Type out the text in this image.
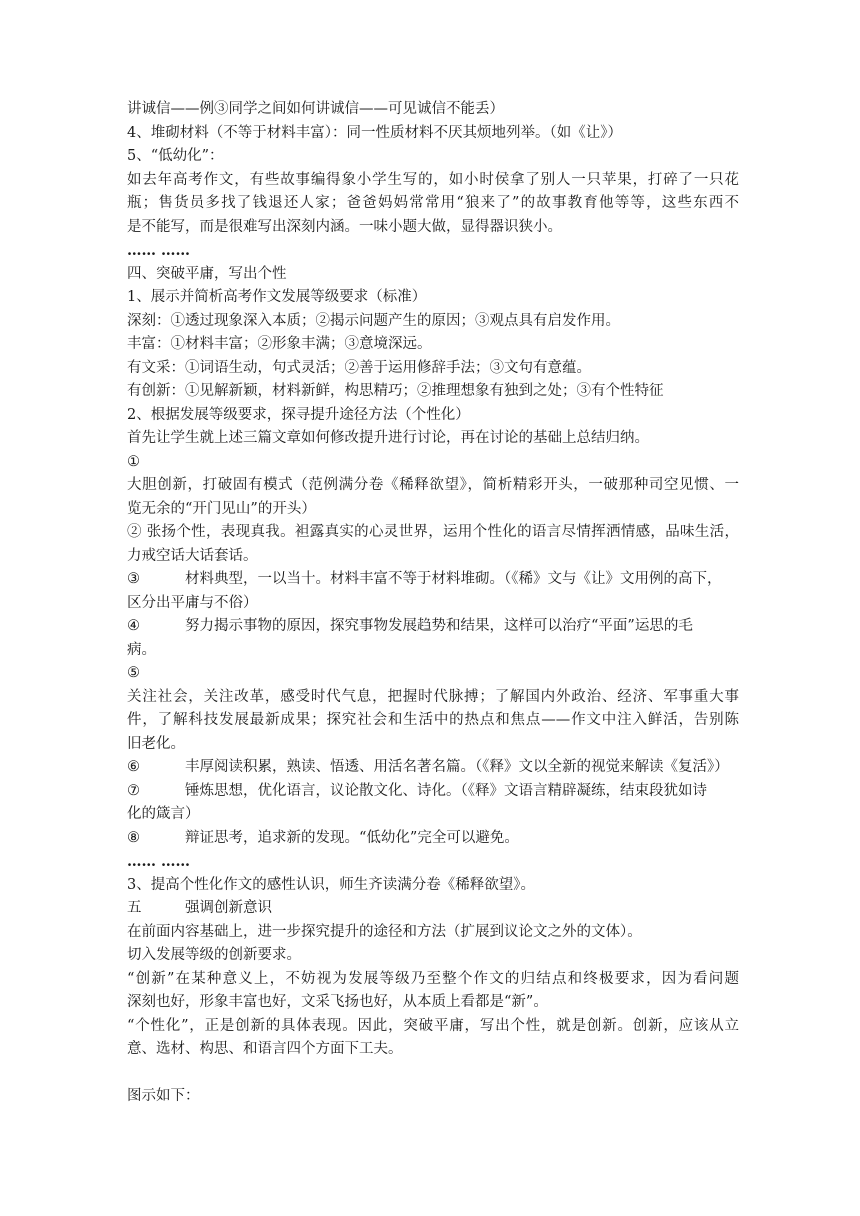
讲诚信——例③同学之间如何讲诚信——可见诚信不能丢）
4、堆砌材料（不等于材料丰富）：同一性质材料不厌其烦地列举。（如《让》）
5、“低幼化”：
如去年高考作文，有些故事编得象小学生写的，如小时侯拿了别人一只苹果，打碎了一只花
瓶；售货员多找了钱退还人家；爸爸妈妈常常用“狼来了”的故事教育他等等，这些东西不
是不能写，而是很难写出深刻内涵。一味小题大做，显得器识狭小。
…… ……
四、突破平庸，写出个性
1、展示并简析高考作文发展等级要求（标准）
深刻：①透过现象深入本质；②揭示问题产生的原因；③观点具有启发作用。
丰富：①材料丰富；②形象丰满；③意境深远。
有文采：①词语生动，句式灵活；②善于运用修辞手法；③文句有意蕴。
有创新：①见解新颖，材料新鲜，构思精巧；②推理想象有独到之处；③有个性特征
2、根据发展等级要求，探寻提升途径方法（个性化）
首先让学生就上述三篇文章如何修改提升进行讨论，再在讨论的基础上总结归纳。
①
大胆创新，打破固有模式（范例满分卷《稀释欲望》，简析精彩开头，一破那种司空见惯、一
览无余的“开门见山”的开头）
② 张扬个性，表现真我。袒露真实的心灵世界，运用个性化的语言尽情挥洒情感，品味生活，
力戒空话大话套话。
③	材料典型，一以当十。材料丰富不等于材料堆砌。（《稀》文与《让》文用例的高下，
区分出平庸与不俗）
④	努力揭示事物的原因，探究事物发展趋势和结果，这样可以治疗“平面”运思的毛
病。
⑤
关注社会，关注改革，感受时代气息，把握时代脉搏；了解国内外政治、经济、军事重大事
件，了解科技发展最新成果；探究社会和生活中的热点和焦点——作文中注入鲜活，告别陈
旧老化。
⑥	丰厚阅读积累，熟读、悟透、用活名著名篇。（《释》文以全新的视觉来解读《复活》）
⑦	锤炼思想，优化语言，议论散文化、诗化。（《释》文语言精辟凝练，结束段犹如诗
化的箴言）
⑧	辩证思考，追求新的发现。“低幼化”完全可以避免。
…… ……
3、提高个性化作文的感性认识，师生齐读满分卷《稀释欲望》。
五	强调创新意识
在前面内容基础上，进一步探究提升的途径和方法（扩展到议论文之外的文体）。
切入发展等级的创新要求。
“创新”在某种意义上，不妨视为发展等级乃至整个作文的归结点和终极要求，因为看问题
深刻也好，形象丰富也好，文采飞扬也好，从本质上看都是“新”。
“个性化”，正是创新的具体表现。因此，突破平庸，写出个性，就是创新。创新，应该从立
意、选材、构思、和语言四个方面下工夫。
图示如下：
